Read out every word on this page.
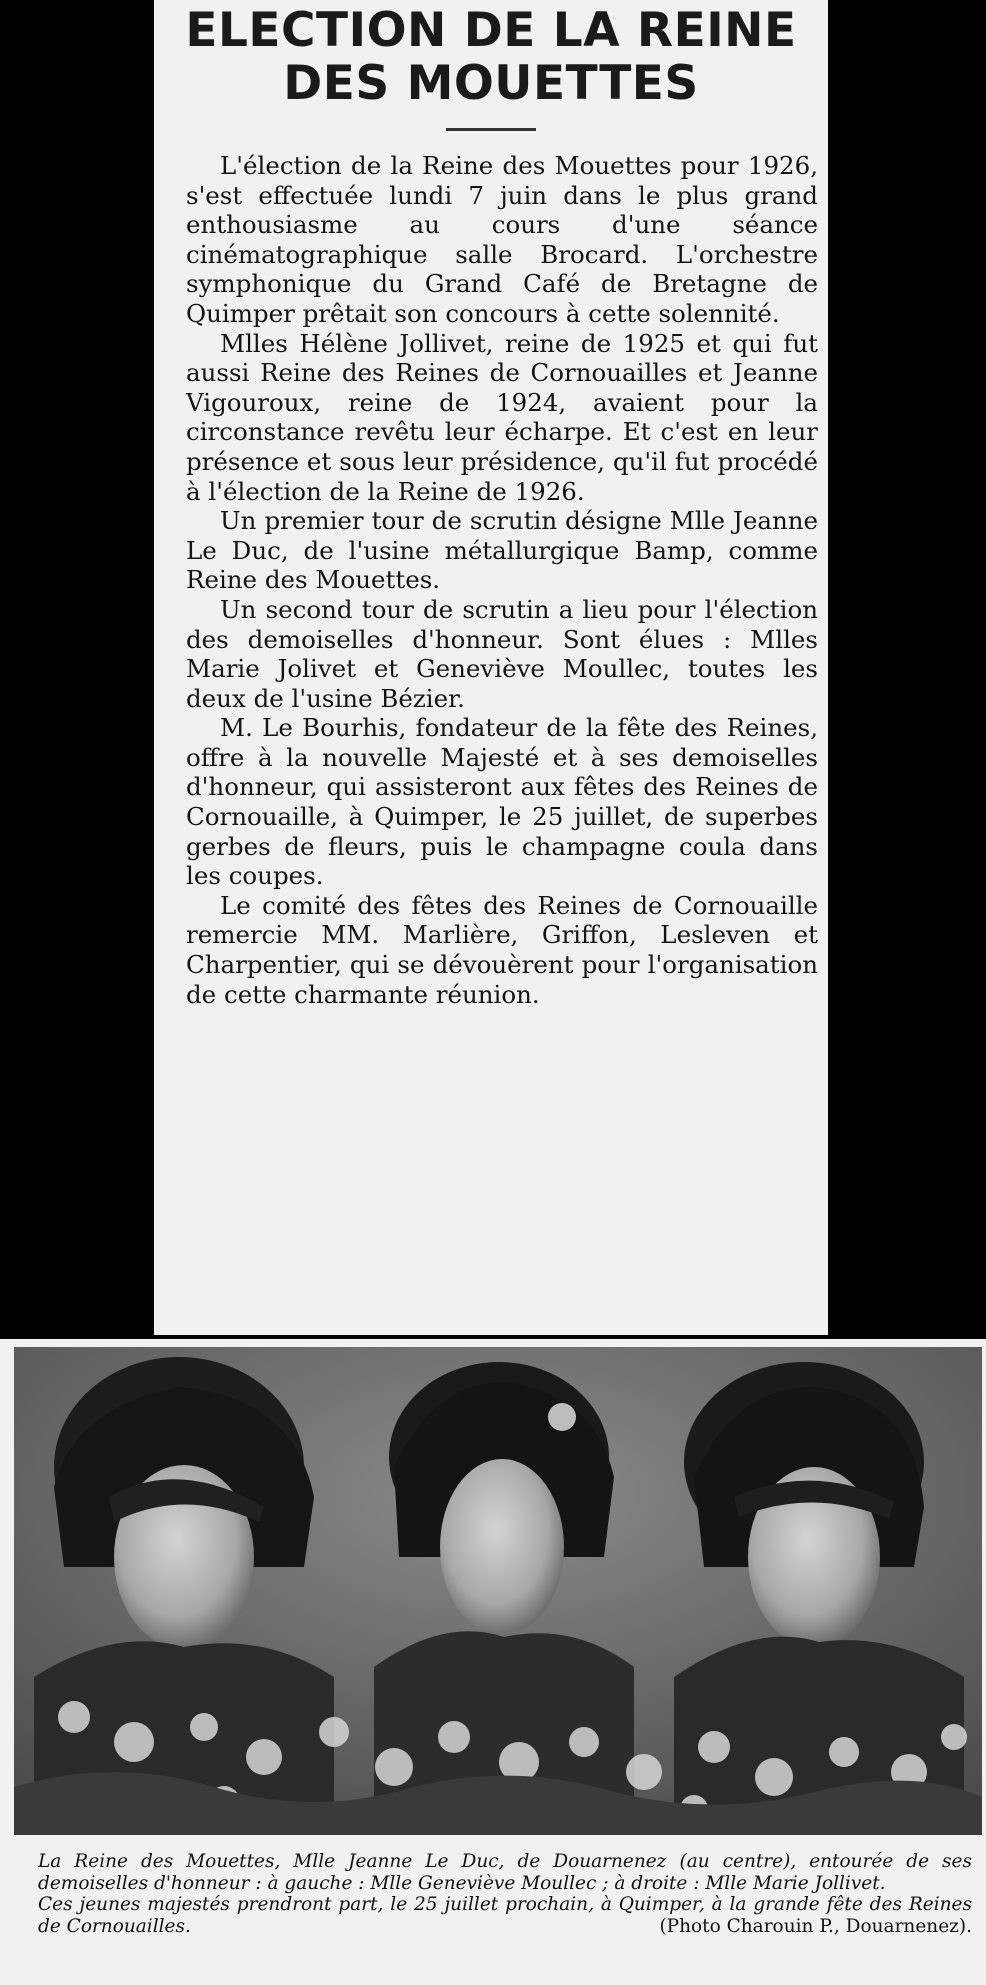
ELECTION DE LA REINE
DES MOUETTES

L'élection de la Reine des Mouettes pour 1926, s'est effectuée lundi 7 juin dans le plus grand enthousiasme au cours d'une séance cinématographique salle Brocard. L'orchestre symphonique du Grand Café de Bretagne de Quimper prêtait son concours à cette solennité.

Mlles Hélène Jollivet, reine de 1925 et qui fut aussi Reine des Reines de Cornouailles et Jeanne Vigouroux, reine de 1924, avaient pour la circonstance revêtu leur écharpe. Et c'est en leur présence et sous leur présidence, qu'il fut procédé à l'élection de la Reine de 1926.

Un premier tour de scrutin désigne Mlle Jeanne Le Duc, de l'usine métallurgique Bamp, comme Reine des Mouettes.

Un second tour de scrutin a lieu pour l'élection des demoiselles d'honneur. Sont élues : Mlles Marie Jolivet et Geneviève Moullec, toutes les deux de l'usine Bézier.

M. Le Bourhis, fondateur de la fête des Reines, offre à la nouvelle Majesté et à ses demoiselles d'honneur, qui assisteront aux fêtes des Reines de Cornouaille, à Quimper, le 25 juillet, de superbes gerbes de fleurs, puis le champagne coula dans les coupes.

Le comité des fêtes des Reines de Cornouaille remercie MM. Marlière, Griffon, Lesleven et Charpentier, qui se dévouèrent pour l'organisation de cette charmante réunion.

La Reine des Mouettes, Mlle Jeanne Le Duc, de Douarnenez (au centre), entourée de ses demoiselles d'honneur : à gauche : Mlle Geneviève Moullec ; à droite : Mlle Marie Jollivet.

Ces jeunes majestés prendront part, le 25 juillet prochain, à Quimper, à la grande fête des Reines de Cornouailles.	(Photo Charouin P., Douarnenez).
